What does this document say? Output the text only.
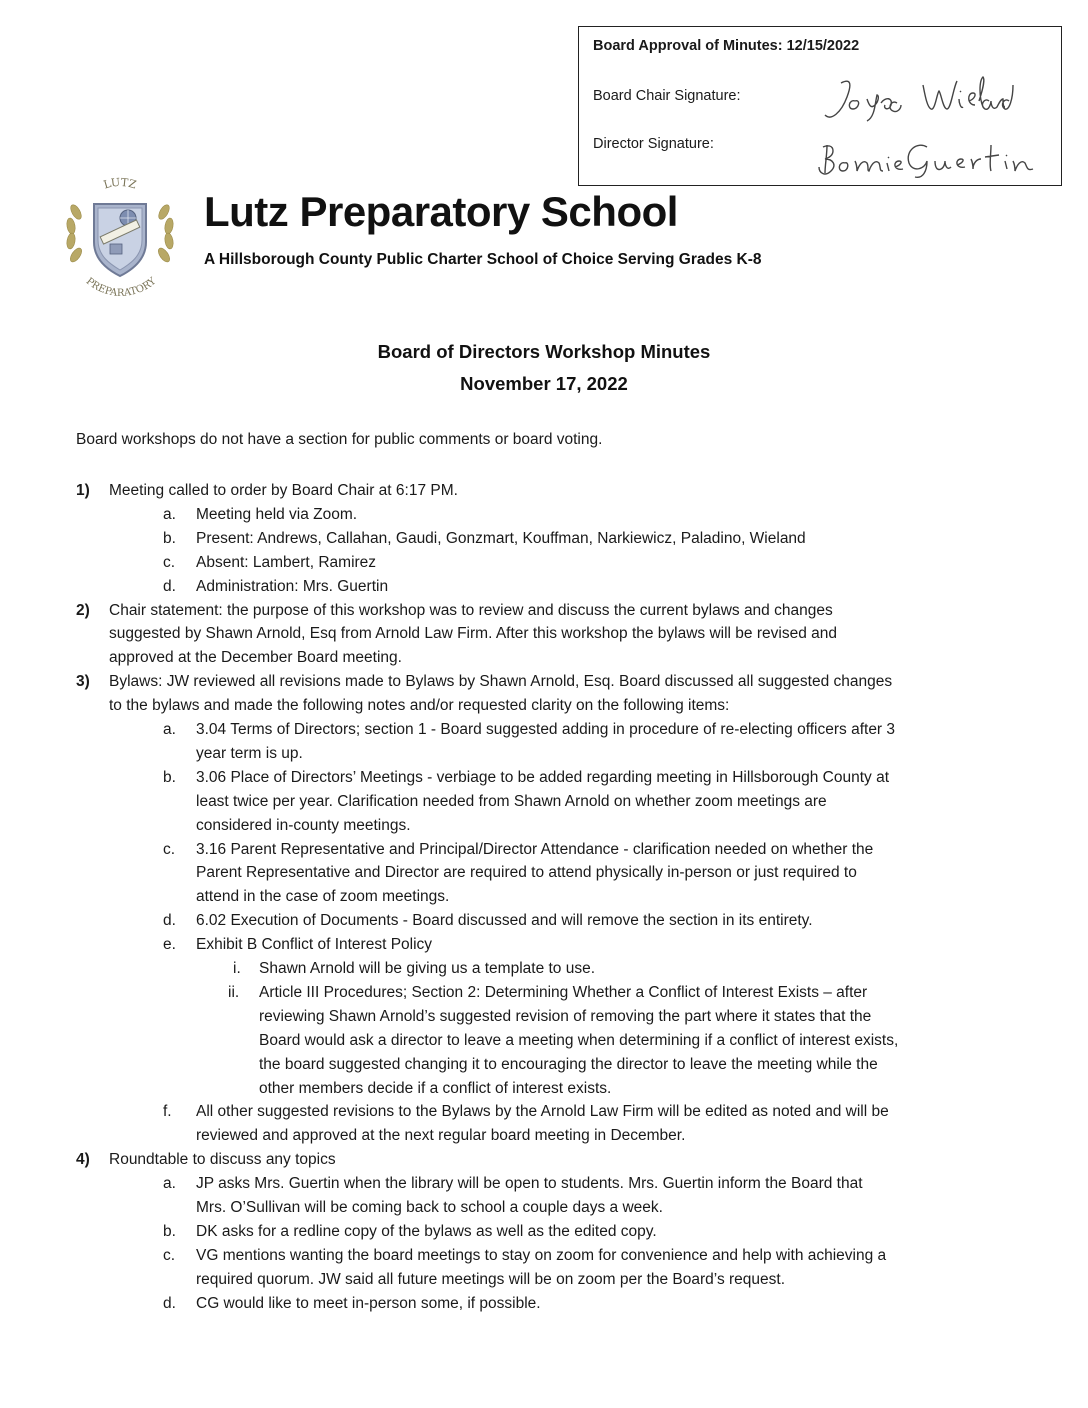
Board Approval of Minutes: 12/15/2022
Board Chair Signature:
Director Signature:
LUTZ
PREPARATORY
Lutz Preparatory School
A Hillsborough County Public Charter School of Choice Serving Grades K-8
Board of Directors Workshop Minutes
November 17, 2022
Board workshops do not have a section for public comments or board voting.
1) Meeting called to order by Board Chair at 6:17 PM.
a. Meeting held via Zoom.
b. Present: Andrews, Callahan, Gaudi, Gonzmart, Kouffman, Narkiewicz, Paladino, Wieland
c. Absent: Lambert, Ramirez
d. Administration: Mrs. Guertin
2) Chair statement: the purpose of this workshop was to review and discuss the current bylaws and changes
suggested by Shawn Arnold, Esq from Arnold Law Firm. After this workshop the bylaws will be revised and
approved at the December Board meeting.
3) Bylaws: JW reviewed all revisions made to Bylaws by Shawn Arnold, Esq. Board discussed all suggested changes
to the bylaws and made the following notes and/or requested clarity on the following items:
a. 3.04 Terms of Directors; section 1 - Board suggested adding in procedure of re-electing officers after 3
year term is up.
b. 3.06 Place of Directors’ Meetings - verbiage to be added regarding meeting in Hillsborough County at
least twice per year. Clarification needed from Shawn Arnold on whether zoom meetings are
considered in-county meetings.
c. 3.16 Parent Representative and Principal/Director Attendance - clarification needed on whether the
Parent Representative and Director are required to attend physically in-person or just required to
attend in the case of zoom meetings.
d. 6.02 Execution of Documents - Board discussed and will remove the section in its entirety.
e. Exhibit B Conflict of Interest Policy
i. Shawn Arnold will be giving us a template to use.
ii. Article III Procedures; Section 2: Determining Whether a Conflict of Interest Exists – after
reviewing Shawn Arnold’s suggested revision of removing the part where it states that the
Board would ask a director to leave a meeting when determining if a conflict of interest exists,
the board suggested changing it to encouraging the director to leave the meeting while the
other members decide if a conflict of interest exists.
f. All other suggested revisions to the Bylaws by the Arnold Law Firm will be edited as noted and will be
reviewed and approved at the next regular board meeting in December.
4) Roundtable to discuss any topics
a. JP asks Mrs. Guertin when the library will be open to students. Mrs. Guertin inform the Board that
Mrs. O’Sullivan will be coming back to school a couple days a week.
b. DK asks for a redline copy of the bylaws as well as the edited copy.
c. VG mentions wanting the board meetings to stay on zoom for convenience and help with achieving a
required quorum. JW said all future meetings will be on zoom per the Board’s request.
d. CG would like to meet in-person some, if possible.
